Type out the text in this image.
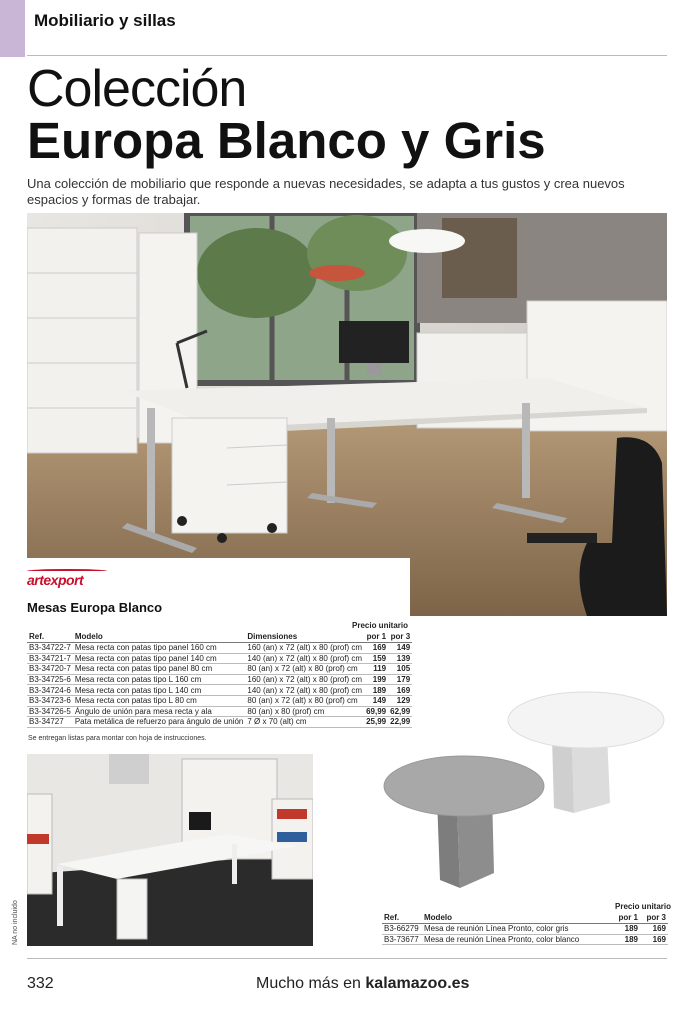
Mobiliario y sillas
Colección
Europa Blanco y Gris
Una colección de mobiliario que responde a nuevas necesidades, se adapta a tus gustos y crea nuevos espacios y formas de trabajar.
artexport
Mesas Europa Blanco
Precio unitario
Ref.	Modelo	Dimensiones	por 1	por 3
B3-34722-7	Mesa recta con patas tipo panel 160 cm	160 (an) x 72 (alt) x 80 (prof) cm	169	149
B3-34721-7	Mesa recta con patas tipo panel 140 cm	140 (an) x 72 (alt) x 80 (prof) cm	159	139
B3-34720-7	Mesa recta con patas tipo panel 80 cm	80 (an) x 72 (alt) x 80 (prof) cm	119	105
B3-34725-6	Mesa recta con patas tipo L 160 cm	160 (an) x 72 (alt) x 80 (prof) cm	199	179
B3-34724-6	Mesa recta con patas tipo L 140 cm	140 (an) x 72 (alt) x 80 (prof) cm	189	169
B3-34723-6	Mesa recta con patas tipo L 80 cm	80 (an) x 72 (alt) x 80 (prof) cm	149	129
B3-34726-5	Ángulo de unión para mesa recta y ala	80 (an) x 80 (prof) cm	69,99	62,99
B3-34727	Pata metálica de refuerzo para ángulo de unión	7 Ø x 70 (alt) cm	25,99	22,99
Se entregan listas para montar con hoja de instrucciones.
NA no incluido	Precio unitario
Ref.	Modelo	por 1	por 3
B3-66279	Mesa de reunión Línea Pronto, color gris	189	169
B3-73677	Mesa de reunión Línea Pronto, color blanco	189	169
332	Mucho más en kalamazoo.es
